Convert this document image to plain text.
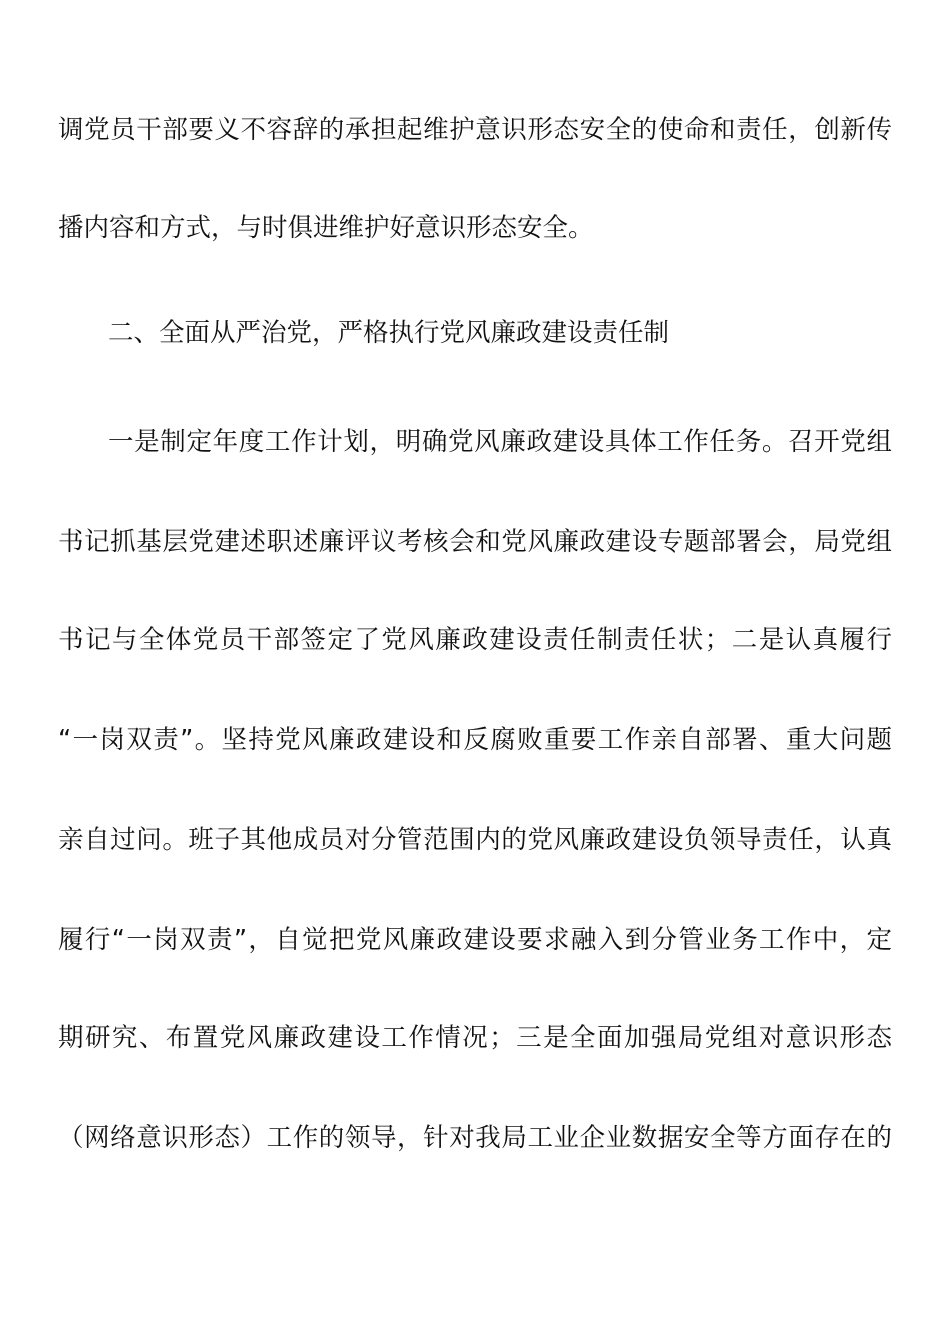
调党员干部要义不容辞的承担起维护意识形态安全的使命和责任，创新传
播内容和方式，与时俱进维护好意识形态安全。
二、全面从严治党，严格执行党风廉政建设责任制
一是制定年度工作计划，明确党风廉政建设具体工作任务。召开党组
书记抓基层党建述职述廉评议考核会和党风廉政建设专题部署会，局党组
书记与全体党员干部签定了党风廉政建设责任制责任状；二是认真履行
“一岗双责”。坚持党风廉政建设和反腐败重要工作亲自部署、重大问题
亲自过问。班子其他成员对分管范围内的党风廉政建设负领导责任，认真
履行“一岗双责”，自觉把党风廉政建设要求融入到分管业务工作中，定
期研究、布置党风廉政建设工作情况；三是全面加强局党组对意识形态
（网络意识形态）工作的领导，针对我局工业企业数据安全等方面存在的
